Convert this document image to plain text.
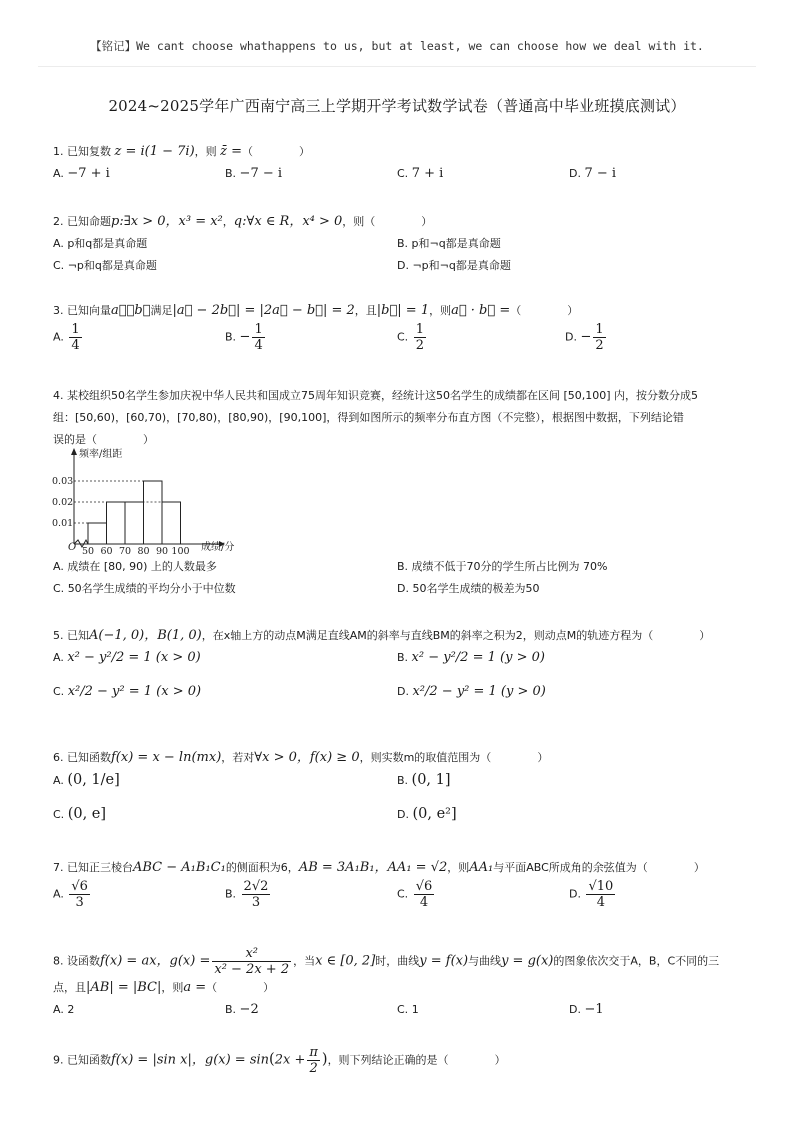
【铭记】We cant choose whathappens to us, but at least, we can choose how we deal with it.
2024~2025学年广西南宁高三上学期开学考试数学试卷（普通高中毕业班摸底测试）
1. 已知复数 z = i(1 − 7i)，则 z̄ =（	）
A. −7 + i	B. −7 − i	C. 7 + i	D. 7 − i
2. 已知命题p:∃x > 0，x³ = x²，q:∀x ∈ R，x⁴ > 0，则（	）
A. p和q都是真命题	B. p和¬q都是真命题
C. ¬p和q都是真命题	D. ¬p和¬q都是真命题
3. 已知向量a⃗，b⃗满足|a⃗ − 2b⃗| = |2a⃗ − b⃗| = 2，且|b⃗| = 1，则a⃗ · b⃗ =（	）
A. $\frac{1}{4}$	B. − $\frac{1}{4}$	C. $\frac{1}{2}$	D. − $\frac{1}{2}$
4. 某校组织50名学生参加庆祝中华人民共和国成立75周年知识竞赛，经统计这50名学生的成绩都在区间 [50,100] 内，按分数分成5
组：[50,60)，[60,70)，[70,80)，[80,90)，[90,100]，得到如图所示的频率分布直方图（不完整），根据图中数据，下列结论错
误的是（	）
频率/组距
成绩/分
O
0.01
0.02
0.03
50 60 70 80 90 100
A. 成绩在 [80, 90) 上的人数最多	B. 成绩不低于70分的学生所占比例为 70%
C. 50名学生成绩的平均分小于中位数	D. 50名学生成绩的极差为50
5. 已知A(−1, 0)，B(1, 0)，在x轴上方的动点M满足直线AM的斜率与直线BM的斜率之积为2，则动点M的轨迹方程为（	）
A. x² − y²/2 = 1 (x > 0)	B. x² − y²/2 = 1 (y > 0)
C. x²/2 − y² = 1 (x > 0)	D. x²/2 − y² = 1 (y > 0)
6. 已知函数f(x) = x − ln(mx)，若对∀x > 0，f(x) ≥ 0，则实数m的取值范围为（	）
A. (0, 1/e]	B. (0, 1]
C. (0, e]	D. (0, e²]
7. 已知正三棱台ABC − A₁B₁C₁的侧面积为6，AB = 3A₁B₁，AA₁ = √2，则AA₁与平面ABC所成角的余弦值为（	）
A. $\frac{√6}{3}$	B. $\frac{2√2}{3}$	C. $\frac{√6}{4}$	D. $\frac{√10}{4}$
8. 设函数f(x) = ax，$g(x) = \frac{\text{x²}}{\text{x² − 2x + 2}}$ ，当x ∈ [0, 2]时，曲线y = f(x)与曲线y = g(x)的图象依次交于A，B，C不同的三
点，且|AB| = |BC|，则a =（	）
A. 2	B. −2	C. 1	D. −1
9. 已知函数f(x) = |sin x|，$g(x) = \sin(2x + \frac{\pi}{2}$ )，则下列结论正确的是（	）
